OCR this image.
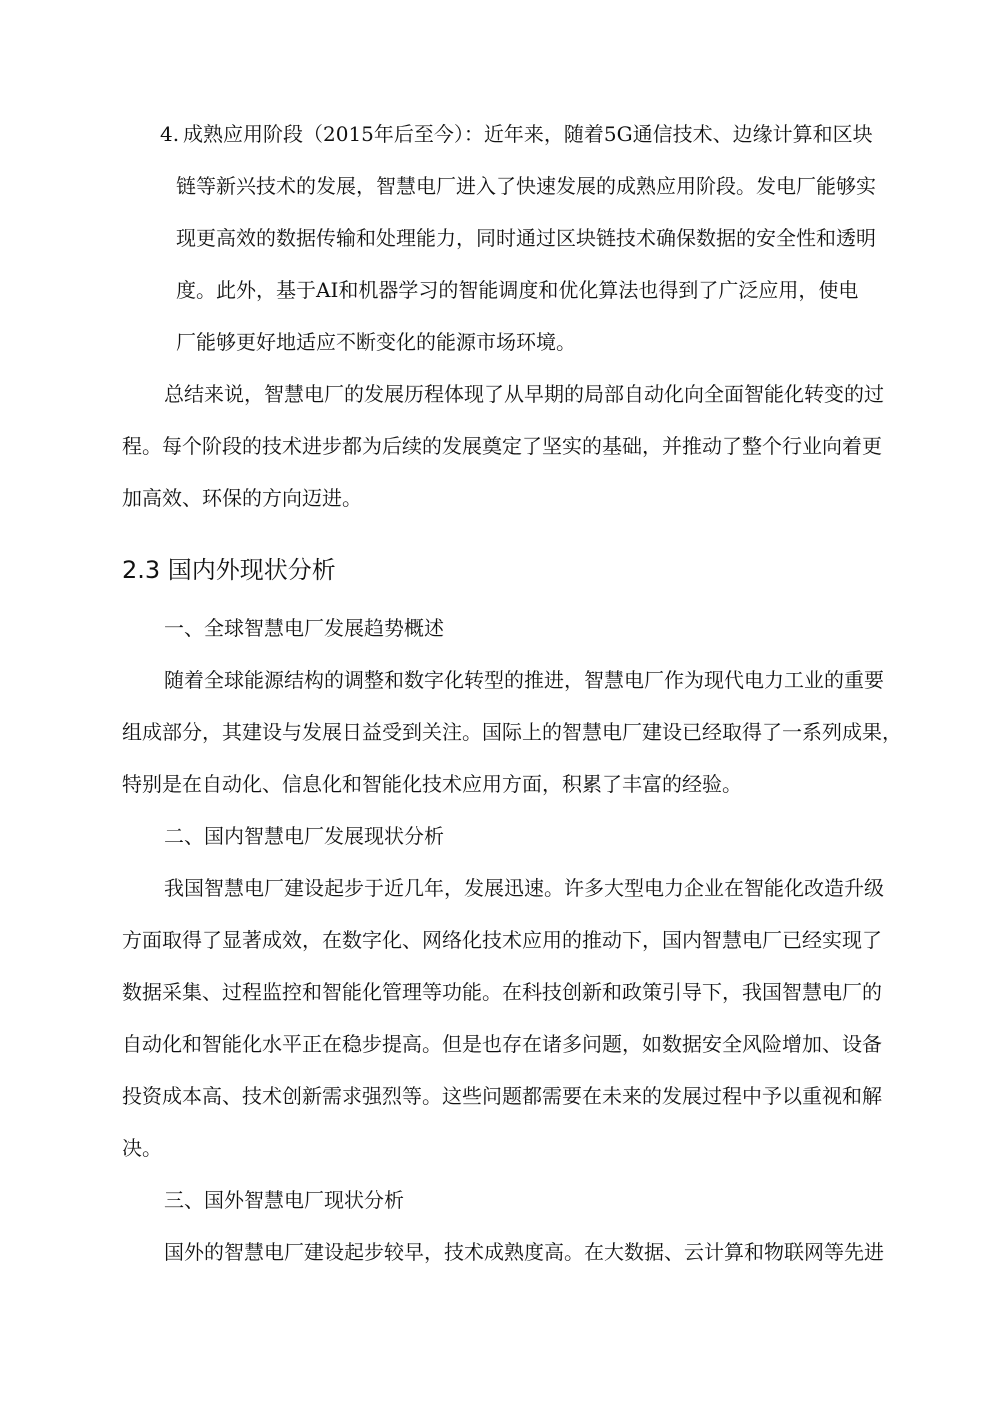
4. 成熟应用阶段（2015年后至今）：近年来，随着5G通信技术、边缘计算和区块
链等新兴技术的发展，智慧电厂进入了快速发展的成熟应用阶段。发电厂能够实
现更高效的数据传输和处理能力，同时通过区块链技术确保数据的安全性和透明
度。此外，基于AI和机器学习的智能调度和优化算法也得到了广泛应用，使电
厂能够更好地适应不断变化的能源市场环境。
总结来说，智慧电厂的发展历程体现了从早期的局部自动化向全面智能化转变的过
程。每个阶段的技术进步都为后续的发展奠定了坚实的基础，并推动了整个行业向着更
加高效、环保的方向迈进。
2.3 国内外现状分析
一、全球智慧电厂发展趋势概述
随着全球能源结构的调整和数字化转型的推进，智慧电厂作为现代电力工业的重要
组成部分，其建设与发展日益受到关注。国际上的智慧电厂建设已经取得了一系列成果，
特别是在自动化、信息化和智能化技术应用方面，积累了丰富的经验。
二、国内智慧电厂发展现状分析
我国智慧电厂建设起步于近几年，发展迅速。许多大型电力企业在智能化改造升级
方面取得了显著成效，在数字化、网络化技术应用的推动下，国内智慧电厂已经实现了
数据采集、过程监控和智能化管理等功能。在科技创新和政策引导下，我国智慧电厂的
自动化和智能化水平正在稳步提高。但是也存在诸多问题，如数据安全风险增加、设备
投资成本高、技术创新需求强烈等。这些问题都需要在未来的发展过程中予以重视和解
决。
三、国外智慧电厂现状分析
国外的智慧电厂建设起步较早，技术成熟度高。在大数据、云计算和物联网等先进
